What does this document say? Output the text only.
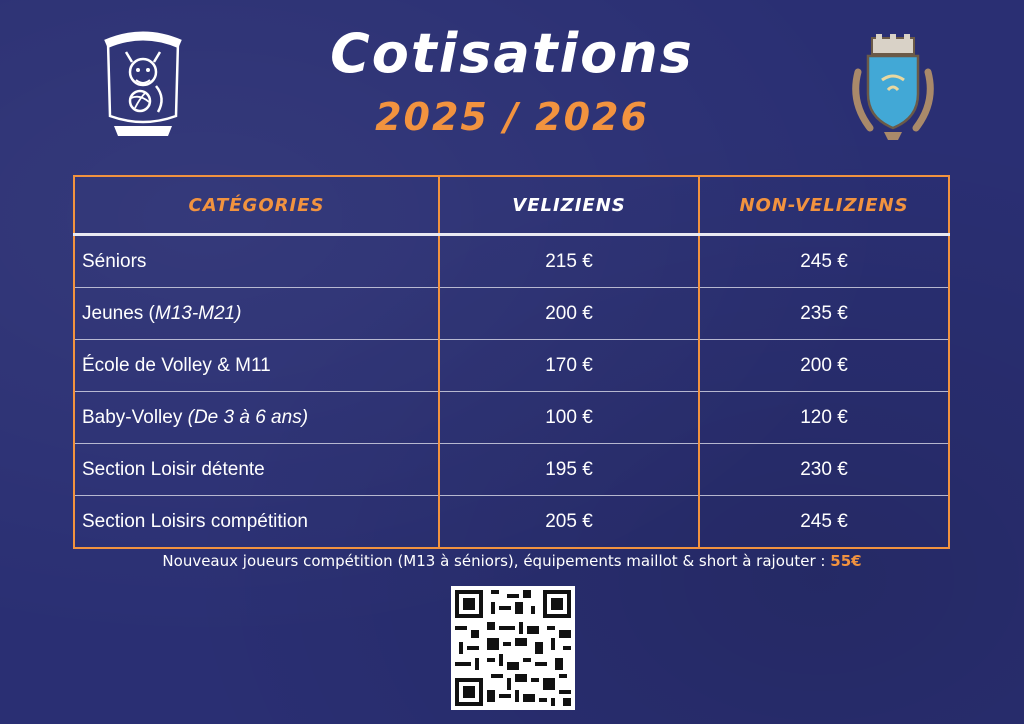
Cotisations
2025 / 2026
CATÉGORIES	VELIZIENS	NON-VELIZIENS
Séniors	215 €	245 €
Jeunes (M13-M21)	200 €	235 €
École de Volley & M11	170 €	200 €
Baby-Volley (De 3 à 6 ans)	100 €	120 €
Section Loisir détente	195 €	230 €
Section Loisirs compétition	205 €	245 €
Nouveaux joueurs compétition (M13 à séniors), équipements maillot & short à rajouter : 55€
